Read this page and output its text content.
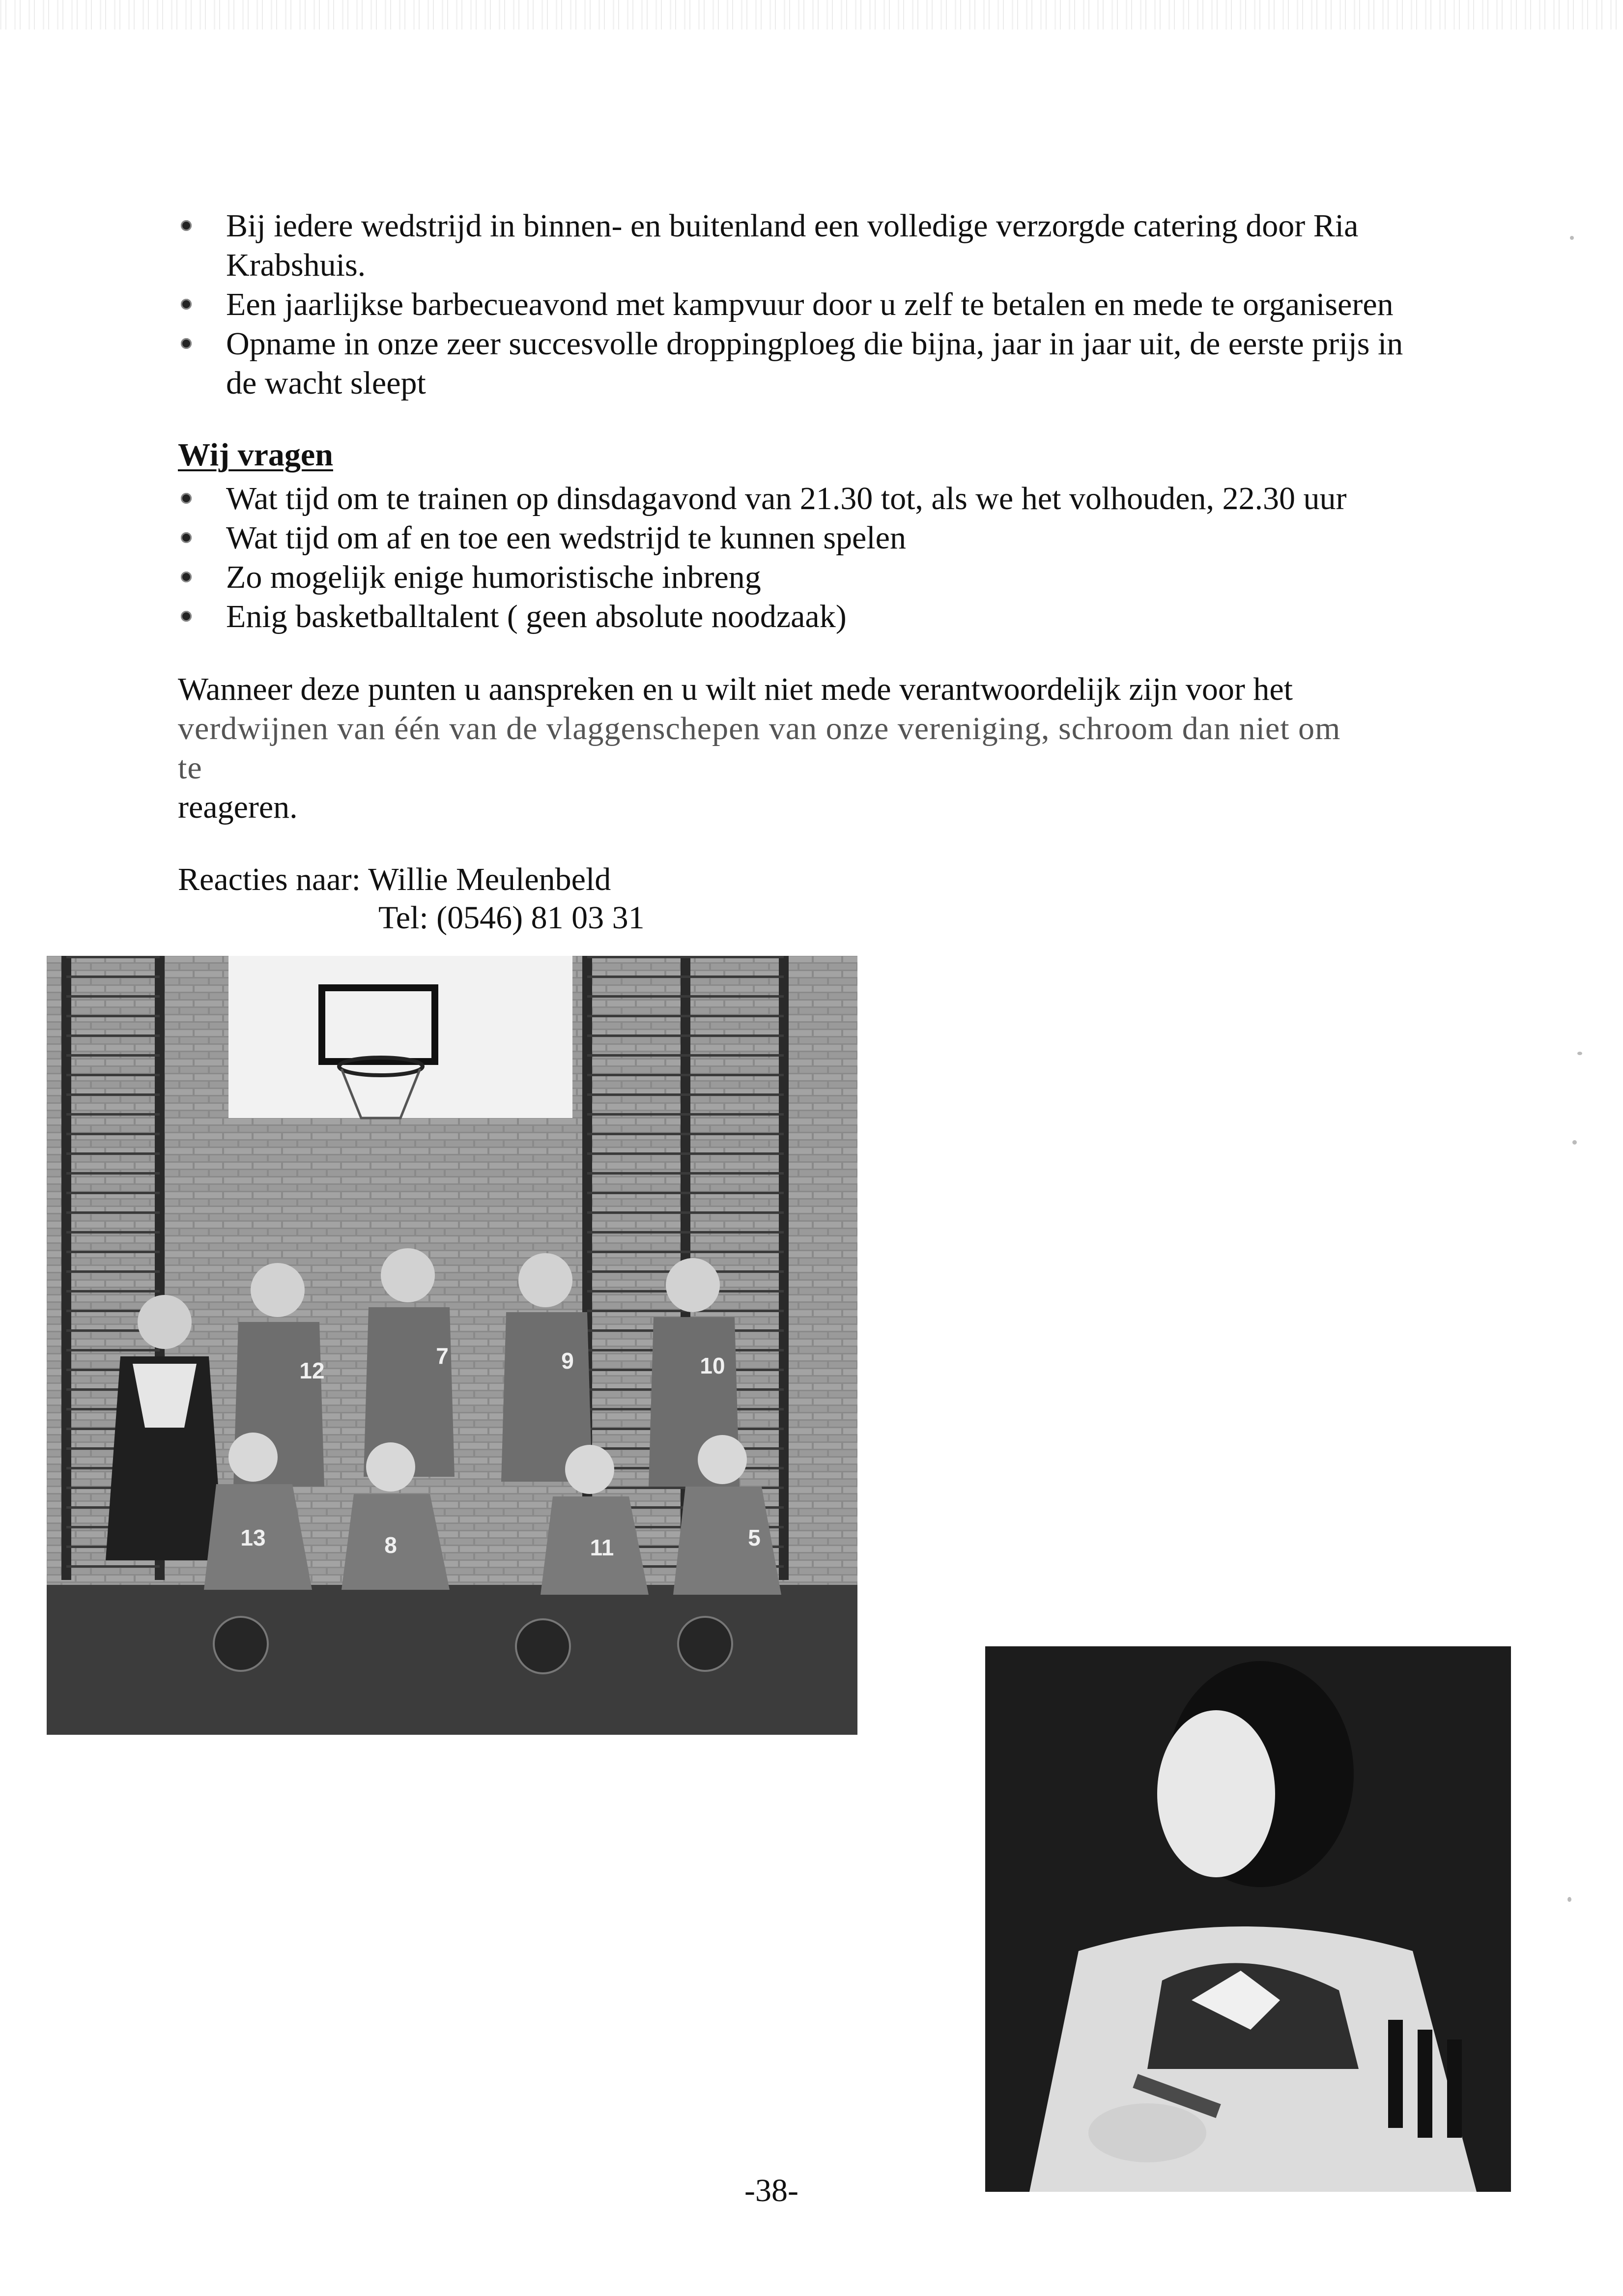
Bij iedere wedstrijd in binnen- en buitenland een volledige verzorgde catering door Ria
Krabshuis.
Een jaarlijkse barbecueavond met kampvuur door u zelf te betalen en mede te organiseren
Opname in onze zeer succesvolle droppingploeg die bijna, jaar in jaar uit, de eerste prijs in
de wacht sleept
Wij vragen
Wat tijd om te trainen op dinsdagavond van 21.30 tot, als we het volhouden, 22.30 uur
Wat tijd om af en toe een wedstrijd te kunnen spelen
Zo mogelijk enige humoristische inbreng
Enig basketballtalent ( geen absolute noodzaak)
Wanneer deze punten u aanspreken en u wilt niet mede verantwoordelijk zijn voor het
verdwijnen van één van de vlaggenschepen van onze vereniging, schroom dan niet om te
reageren.
Reacties naar: Willie Meulenbeld
Tel: (0546) 81 03 31
12
7	9	10
13	8	11	5
-38-
